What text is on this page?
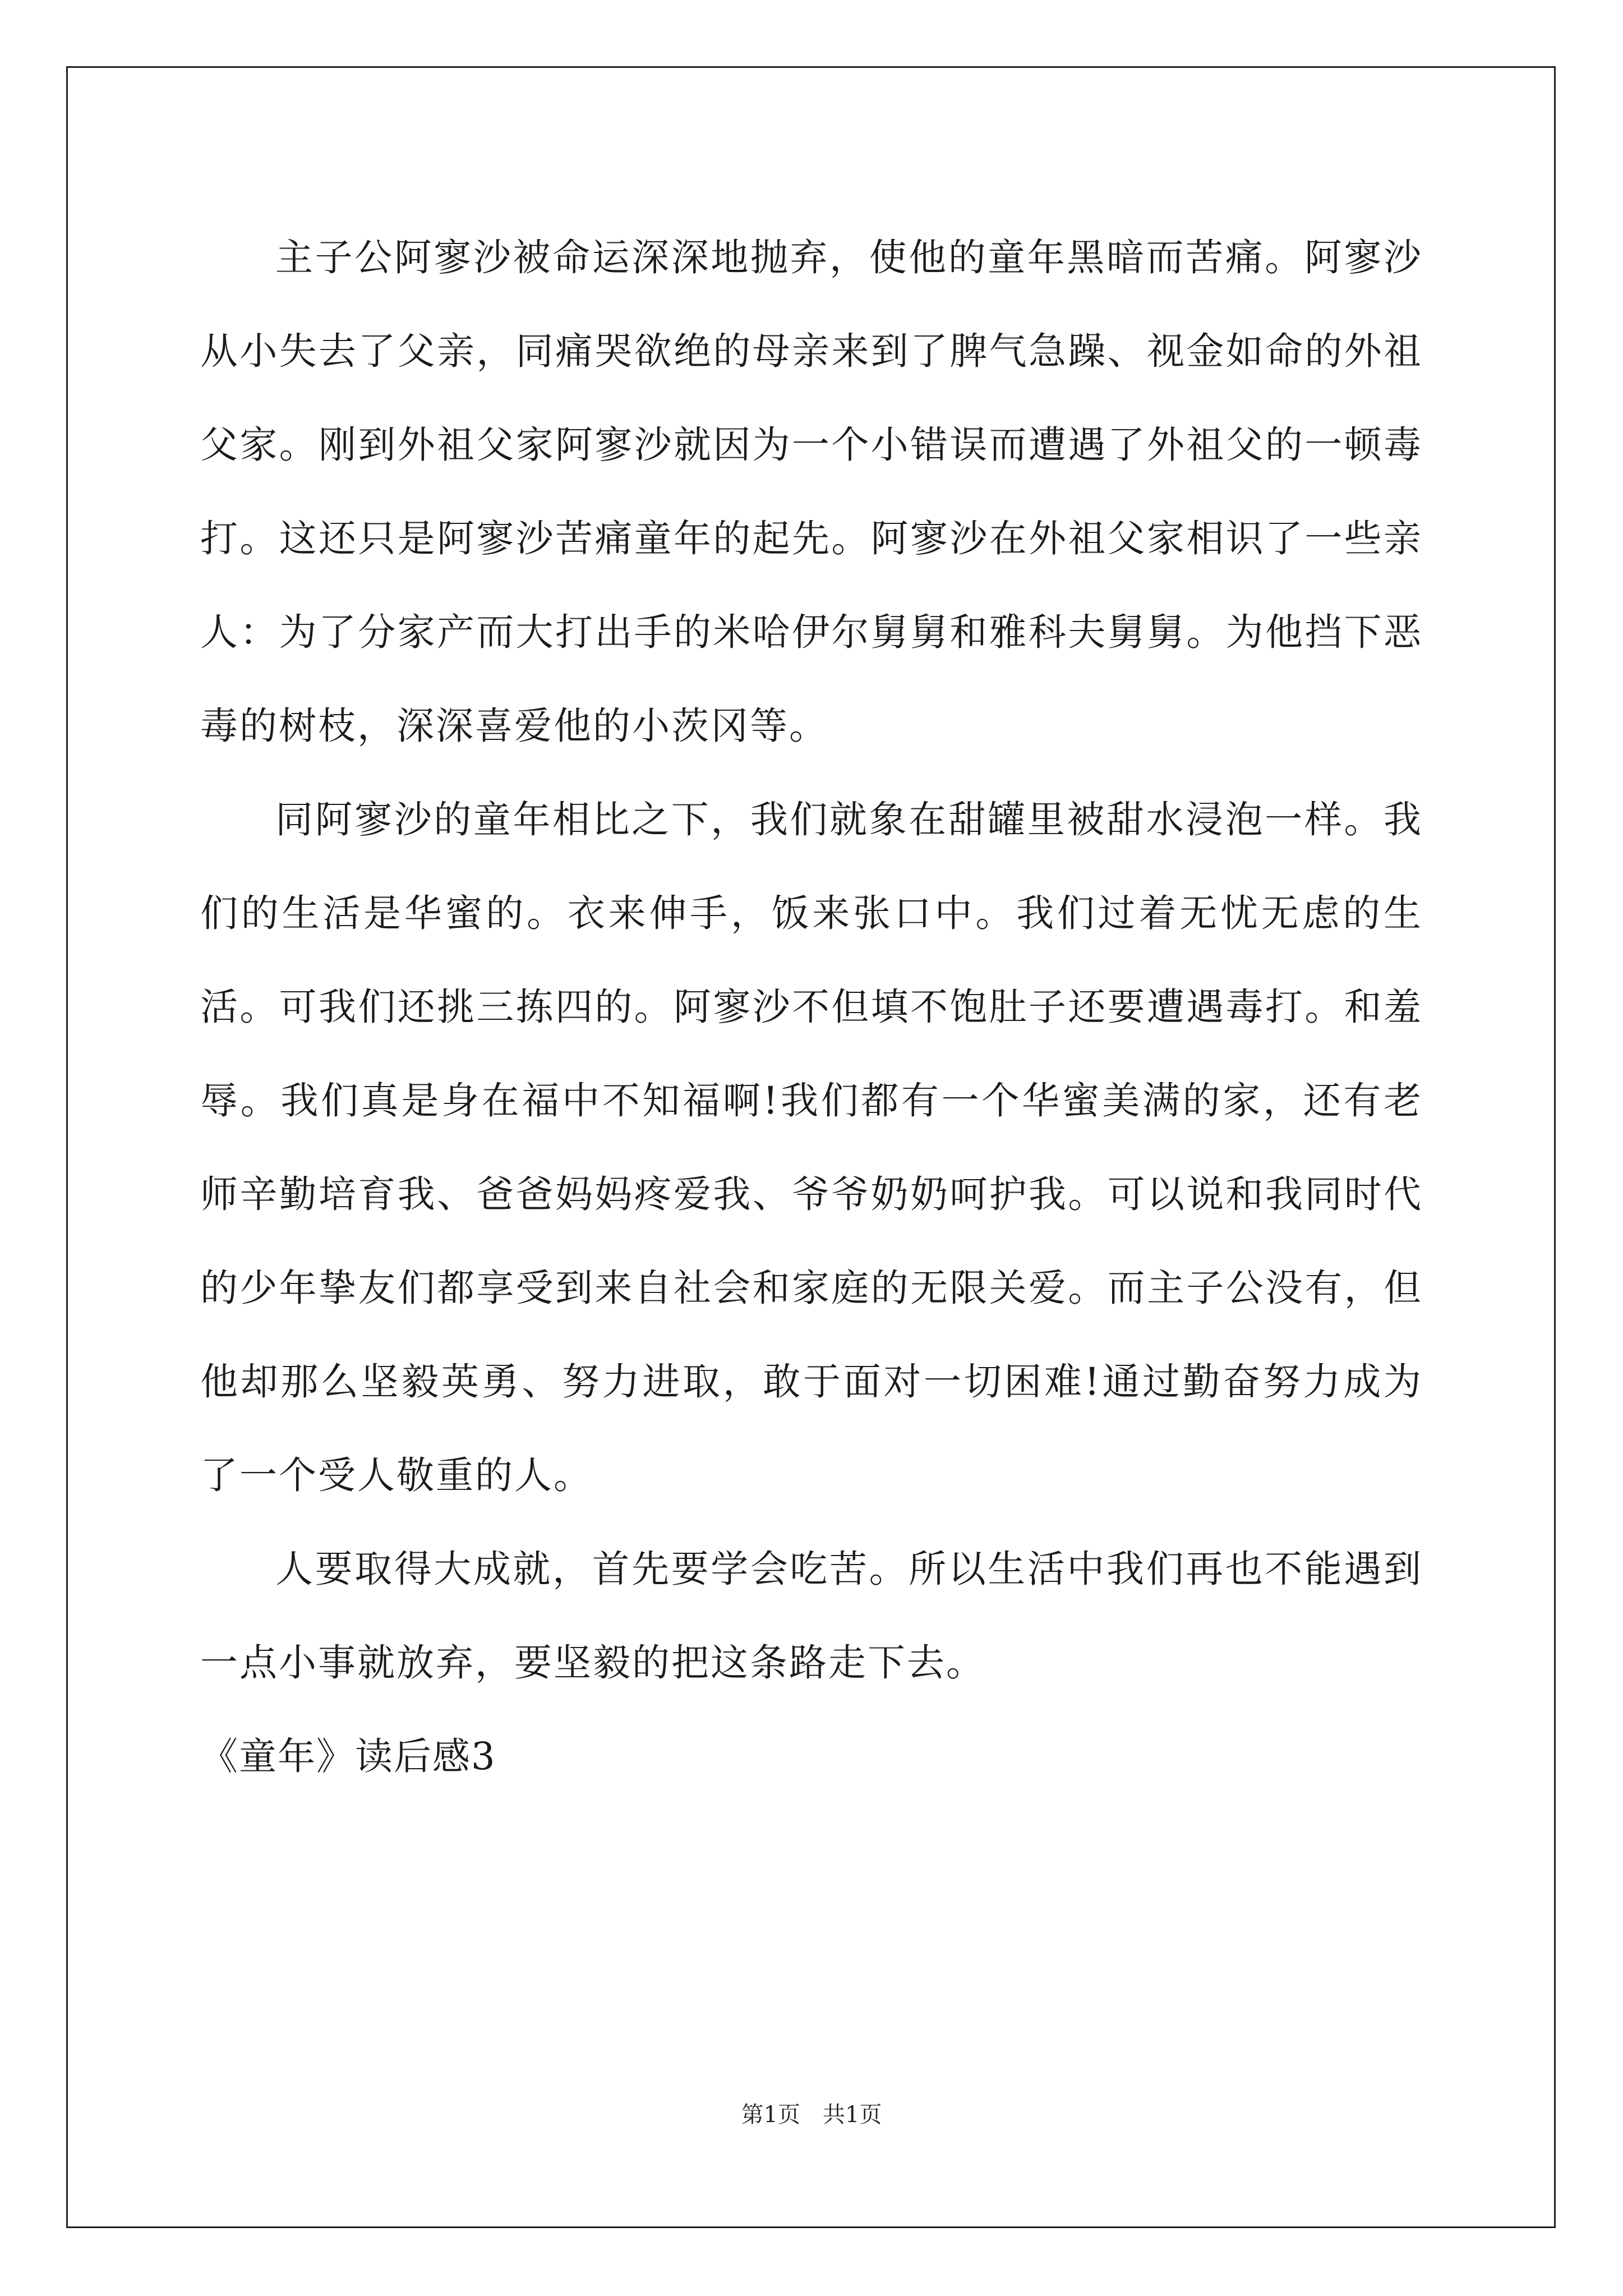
主子公阿寥沙被命运深深地抛弃，使他的童年黑暗而苦痛。阿寥沙从小失去了父亲，同痛哭欲绝的母亲来到了脾气急躁、视金如命的外祖父家。刚到外祖父家阿寥沙就因为一个小错误而遭遇了外祖父的一顿毒打。这还只是阿寥沙苦痛童年的起先。阿寥沙在外祖父家相识了一些亲人：为了分家产而大打出手的米哈伊尔舅舅和雅科夫舅舅。为他挡下恶毒的树枝，深深喜爱他的小茨冈等。

同阿寥沙的童年相比之下，我们就象在甜罐里被甜水浸泡一样。我们的生活是华蜜的。衣来伸手，饭来张口中。我们过着无忧无虑的生活。可我们还挑三拣四的。阿寥沙不但填不饱肚子还要遭遇毒打。和羞辱。我们真是身在福中不知福啊!我们都有一个华蜜美满的家，还有老师辛勤培育我、爸爸妈妈疼爱我、爷爷奶奶呵护我。可以说和我同时代的少年挚友们都享受到来自社会和家庭的无限关爱。而主子公没有，但他却那么坚毅英勇、努力进取，敢于面对一切困难!通过勤奋努力成为了一个受人敬重的人。

人要取得大成就，首先要学会吃苦。所以生活中我们再也不能遇到一点小事就放弃，要坚毅的把这条路走下去。

《童年》读后感3

第1页 共1页
